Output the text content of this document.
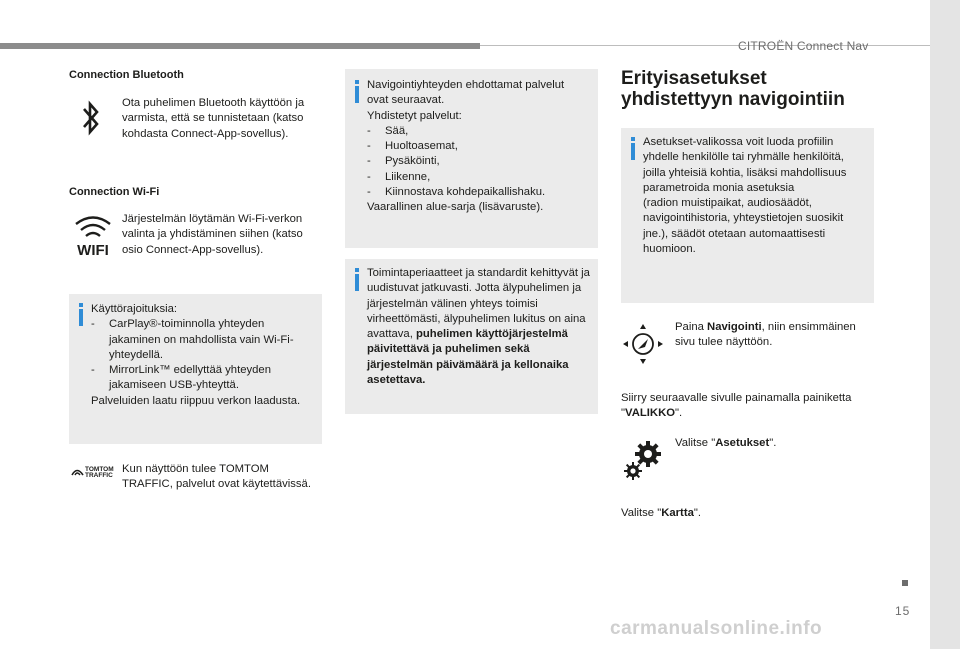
CITROËN Connect Nav
15
carmanualsonline.info
Connection Bluetooth
Ota puhelimen Bluetooth käyttöön ja varmista, että se tunnistetaan (katso kohdasta Connect-App-sovellus).
Connection Wi-Fi
WIFI
Järjestelmän löytämän Wi-Fi-verkon valinta ja yhdistäminen siihen (katso osio Connect-App-sovellus).
Käyttörajoituksia:
- CarPlay®-toiminnolla yhteyden jakaminen on mahdollista vain Wi-Fi-yhteydellä.
- MirrorLink™ edellyttää yhteyden jakamiseen USB-yhteyttä.
Palveluiden laatu riippuu verkon laadusta.
TOMTOM
TRAFFIC
Kun näyttöön tulee TOMTOM TRAFFIC, palvelut ovat käytettävissä.
Navigointiyhteyden ehdottamat palvelut ovat seuraavat.
Yhdistetyt palvelut:
- Sää,
- Huoltoasemat,
- Pysäköinti,
- Liikenne,
- Kiinnostava kohdepaikallishaku.
Vaarallinen alue-sarja (lisävaruste).
Toimintaperiaatteet ja standardit kehittyvät ja uudistuvat jatkuvasti. Jotta älypuhelimen ja järjestelmän välinen yhteys toimisi virheettömästi, älypuhelimen lukitus on aina avattava, puhelimen käyttöjärjestelmä päivitettävä ja puhelimen sekä järjestelmän päivämäärä ja kellonaika asetettava.
Erityisasetukset
yhdistettyyn navigointiin
Asetukset-valikossa voit luoda profiilin yhdelle henkilölle tai ryhmälle henkilöitä, joilla yhteisiä kohtia, lisäksi mahdollisuus parametroida monia asetuksia
(radion muistipaikat, audiosäädöt, navigointihistoria, yhteystietojen suosikit jne.), säädöt otetaan automaattisesti huomioon.
Paina Navigointi, niin ensimmäinen sivu tulee näyttöön.
Siirry seuraavalle sivulle painamalla painiketta "VALIKKO".
Valitse "Asetukset".
Valitse "Kartta".
